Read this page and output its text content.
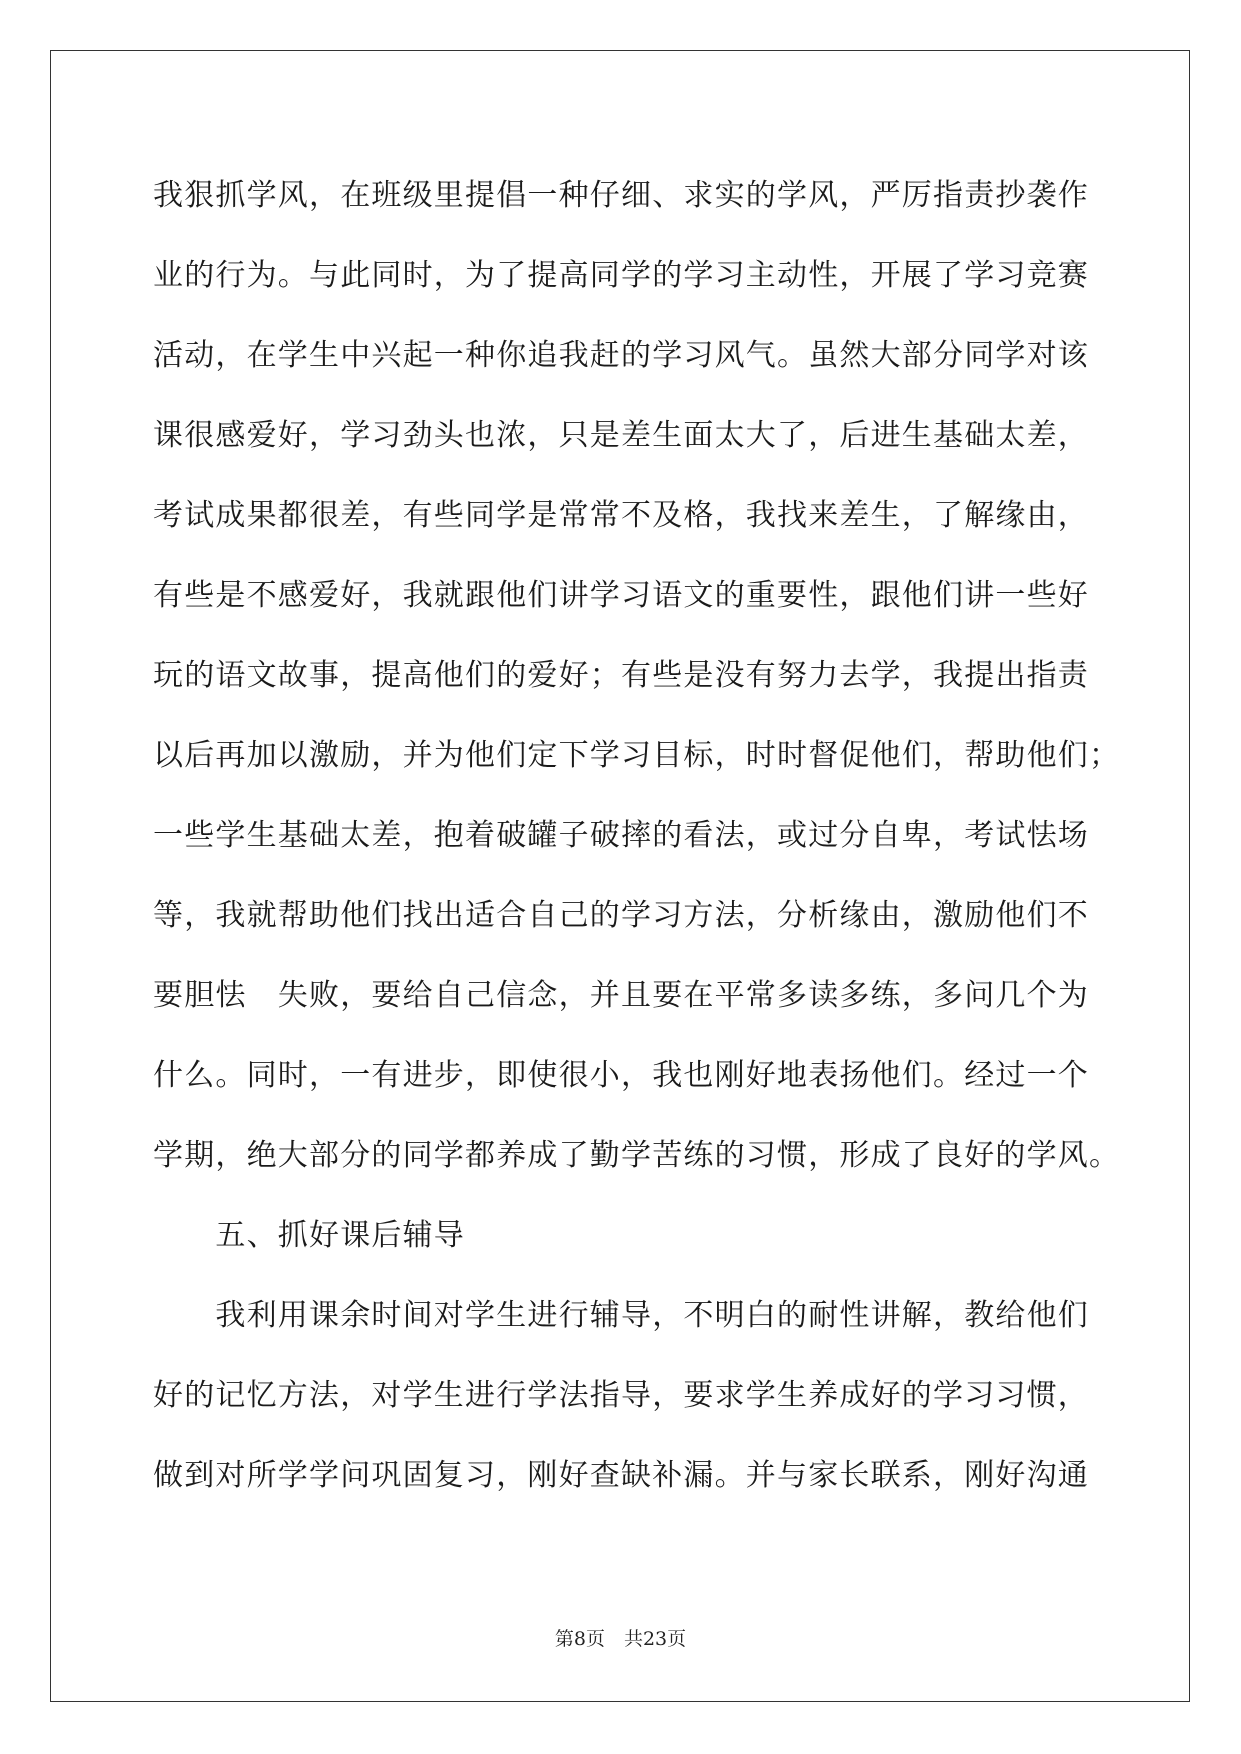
我狠抓学风，在班级里提倡一种仔细、求实的学风，严厉指责抄袭作
业的行为。与此同时，为了提高同学的学习主动性，开展了学习竞赛
活动，在学生中兴起一种你追我赶的学习风气。虽然大部分同学对该
课很感爱好，学习劲头也浓，只是差生面太大了，后进生基础太差，
考试成果都很差，有些同学是常常不及格，我找来差生，了解缘由，
有些是不感爱好，我就跟他们讲学习语文的重要性，跟他们讲一些好
玩的语文故事，提高他们的爱好；有些是没有努力去学，我提出指责
以后再加以激励，并为他们定下学习目标，时时督促他们，帮助他们；
一些学生基础太差，抱着破罐子破摔的看法，或过分自卑，考试怯场
等，我就帮助他们找出适合自己的学习方法，分析缘由，激励他们不
要胆怯　失败，要给自己信念，并且要在平常多读多练，多问几个为
什么。同时，一有进步，即使很小，我也刚好地表扬他们。经过一个
学期，绝大部分的同学都养成了勤学苦练的习惯，形成了良好的学风。
　　五、抓好课后辅导
　　我利用课余时间对学生进行辅导，不明白的耐性讲解，教给他们
好的记忆方法，对学生进行学法指导，要求学生养成好的学习习惯，
做到对所学学问巩固复习，刚好查缺补漏。并与家长联系，刚好沟通
第8页　共23页
